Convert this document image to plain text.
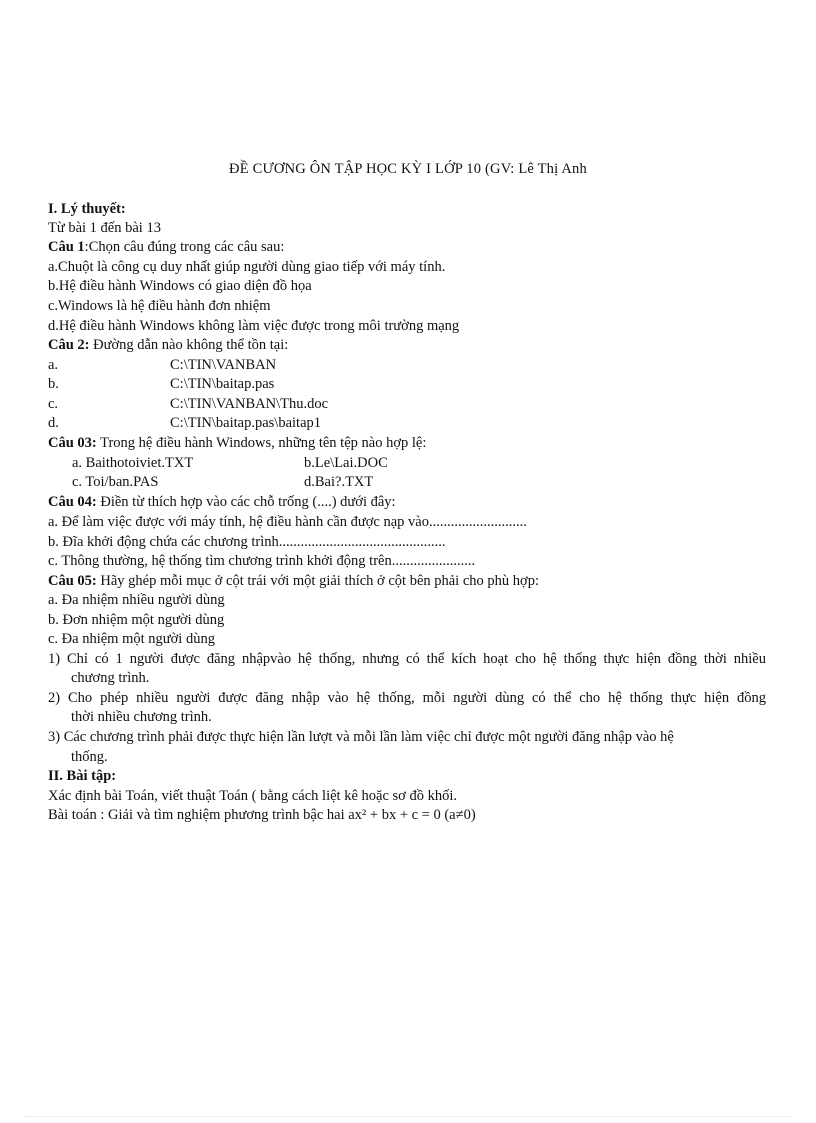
ĐỀ CƯƠNG ÔN TẬP HỌC KỲ I LỚP 10 (GV: Lê Thị Anh
I. Lý thuyết:
Từ bài 1 đến bài 13
Câu 1:Chọn câu đúng trong các câu sau:
a.Chuột là công cụ duy nhất giúp người dùng giao tiếp với máy tính.
b.Hệ điều hành Windows có giao diện đồ họa
c.Windows là hệ điều hành đơn nhiệm
d.Hệ điều hành Windows không làm việc được trong môi trường mạng
Câu 2: Đường dẫn nào không thể tồn tại:
a.	C:\TIN\VANBAN
b.	C:\TIN\baitap.pas
c.	C:\TIN\VANBAN\Thu.doc
d.	C:\TIN\baitap.pas\baitap1
Câu 03: Trong hệ điều hành Windows, những tên tệp nào hợp lệ:
a. Baithotoiviet.TXT	b.Le\Lai.DOC
c. Toi/ban.PAS	d.Bai?.TXT
Câu 04: Điền từ thích hợp vào các chỗ trống (....) dưới đây:
a. Để làm việc được với máy tính, hệ điều hành cần được nạp vào...........................
b. Đĩa khởi động chứa các chương trình..............................................
c. Thông thường, hệ thống tìm chương trình khởi động trên.......................
Câu 05: Hãy ghép mỗi mục ở cột trái với một giải thích ở cột bên phải cho phù hợp:
a. Đa nhiệm nhiều người dùng
b. Đơn nhiệm một người dùng
c. Đa nhiệm một người dùng
1) Chỉ có 1 người được đăng nhậpvào hệ thống, nhưng có thể kích hoạt cho hệ thống thực hiện đồng thời nhiều
chương trình.
2) Cho phép nhiều người được đăng nhập vào hệ thống, mỗi người dùng có thể cho hệ thống thực hiện đồng
thời nhiều chương trình.
3) Các chương trình phải được thực hiện lần lượt và mỗi lần làm việc chỉ được một người đăng nhập vào hệ
thống.
II. Bài tập:
Xác định bài Toán, viết thuật Toán ( bằng cách liệt kê hoặc sơ đồ khối.
Bài toán : Giải và tìm nghiệm phương trình bậc hai ax² + bx + c = 0 (a≠0)
